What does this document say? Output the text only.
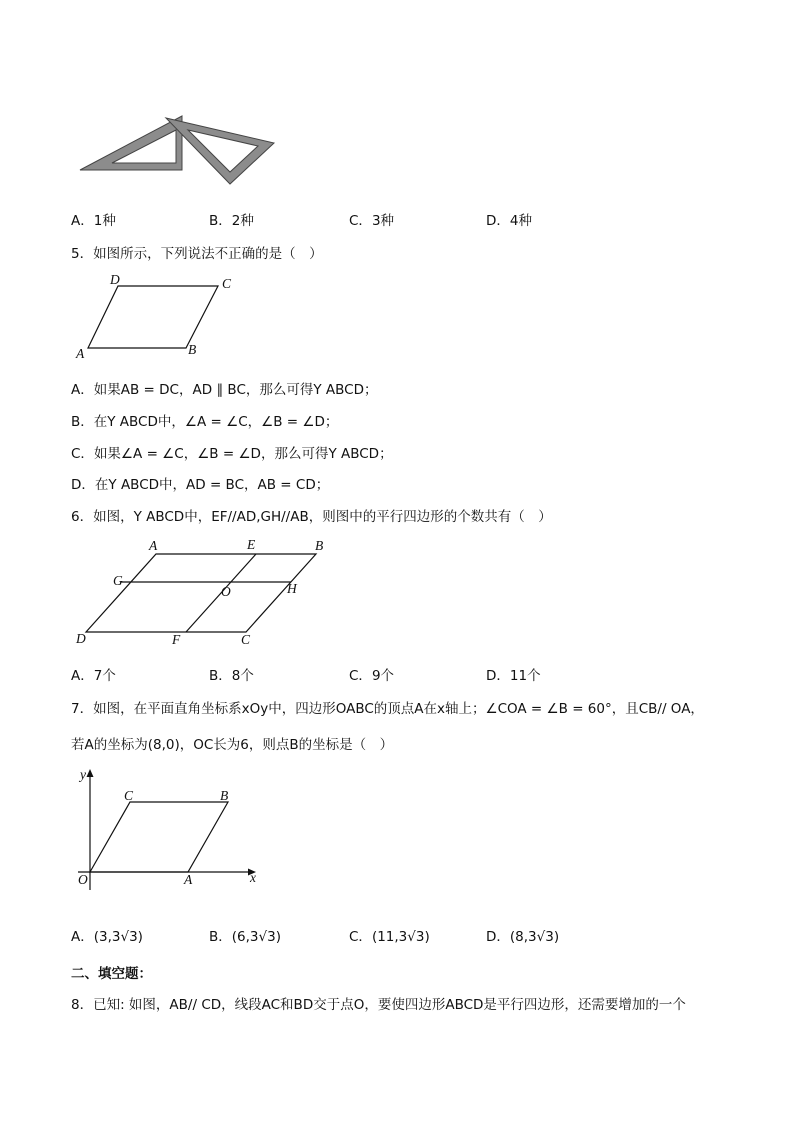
A．1种	B．2种	C．3种	D．4种
5．如图所示，下列说法不正确的是（　）
D	C
A	B
A．如果AB = DC，AD ∥ BC，那么可得Y ABCD；
B．在Y ABCD中，∠A = ∠C，∠B = ∠D；
C．如果∠A = ∠C，∠B = ∠D，那么可得Y ABCD；
D．在Y ABCD中，AD = BC，AB = CD；
6．如图，Y ABCD中，EF//AD,GH//AB，则图中的平行四边形的个数共有（　）
A	E	B
G
O	H
D	F	C
A．7个	B．8个	C．9个	D．11个
7．如图，在平面直角坐标系xOy中，四边形OABC的顶点A在x轴上；∠COA = ∠B = 60°，且CB// OA，
若A的坐标为(8,0)，OC长为6，则点B的坐标是（　）
y
x
O	A
B
C
A．(3,3√3)	B．(6,3√3)	C．(11,3√3)	D．(8,3√3)
二、填空题：
8．已知: 如图，AB// CD，线段AC和BD交于点O，要使四边形ABCD是平行四边形，还需要增加的一个
